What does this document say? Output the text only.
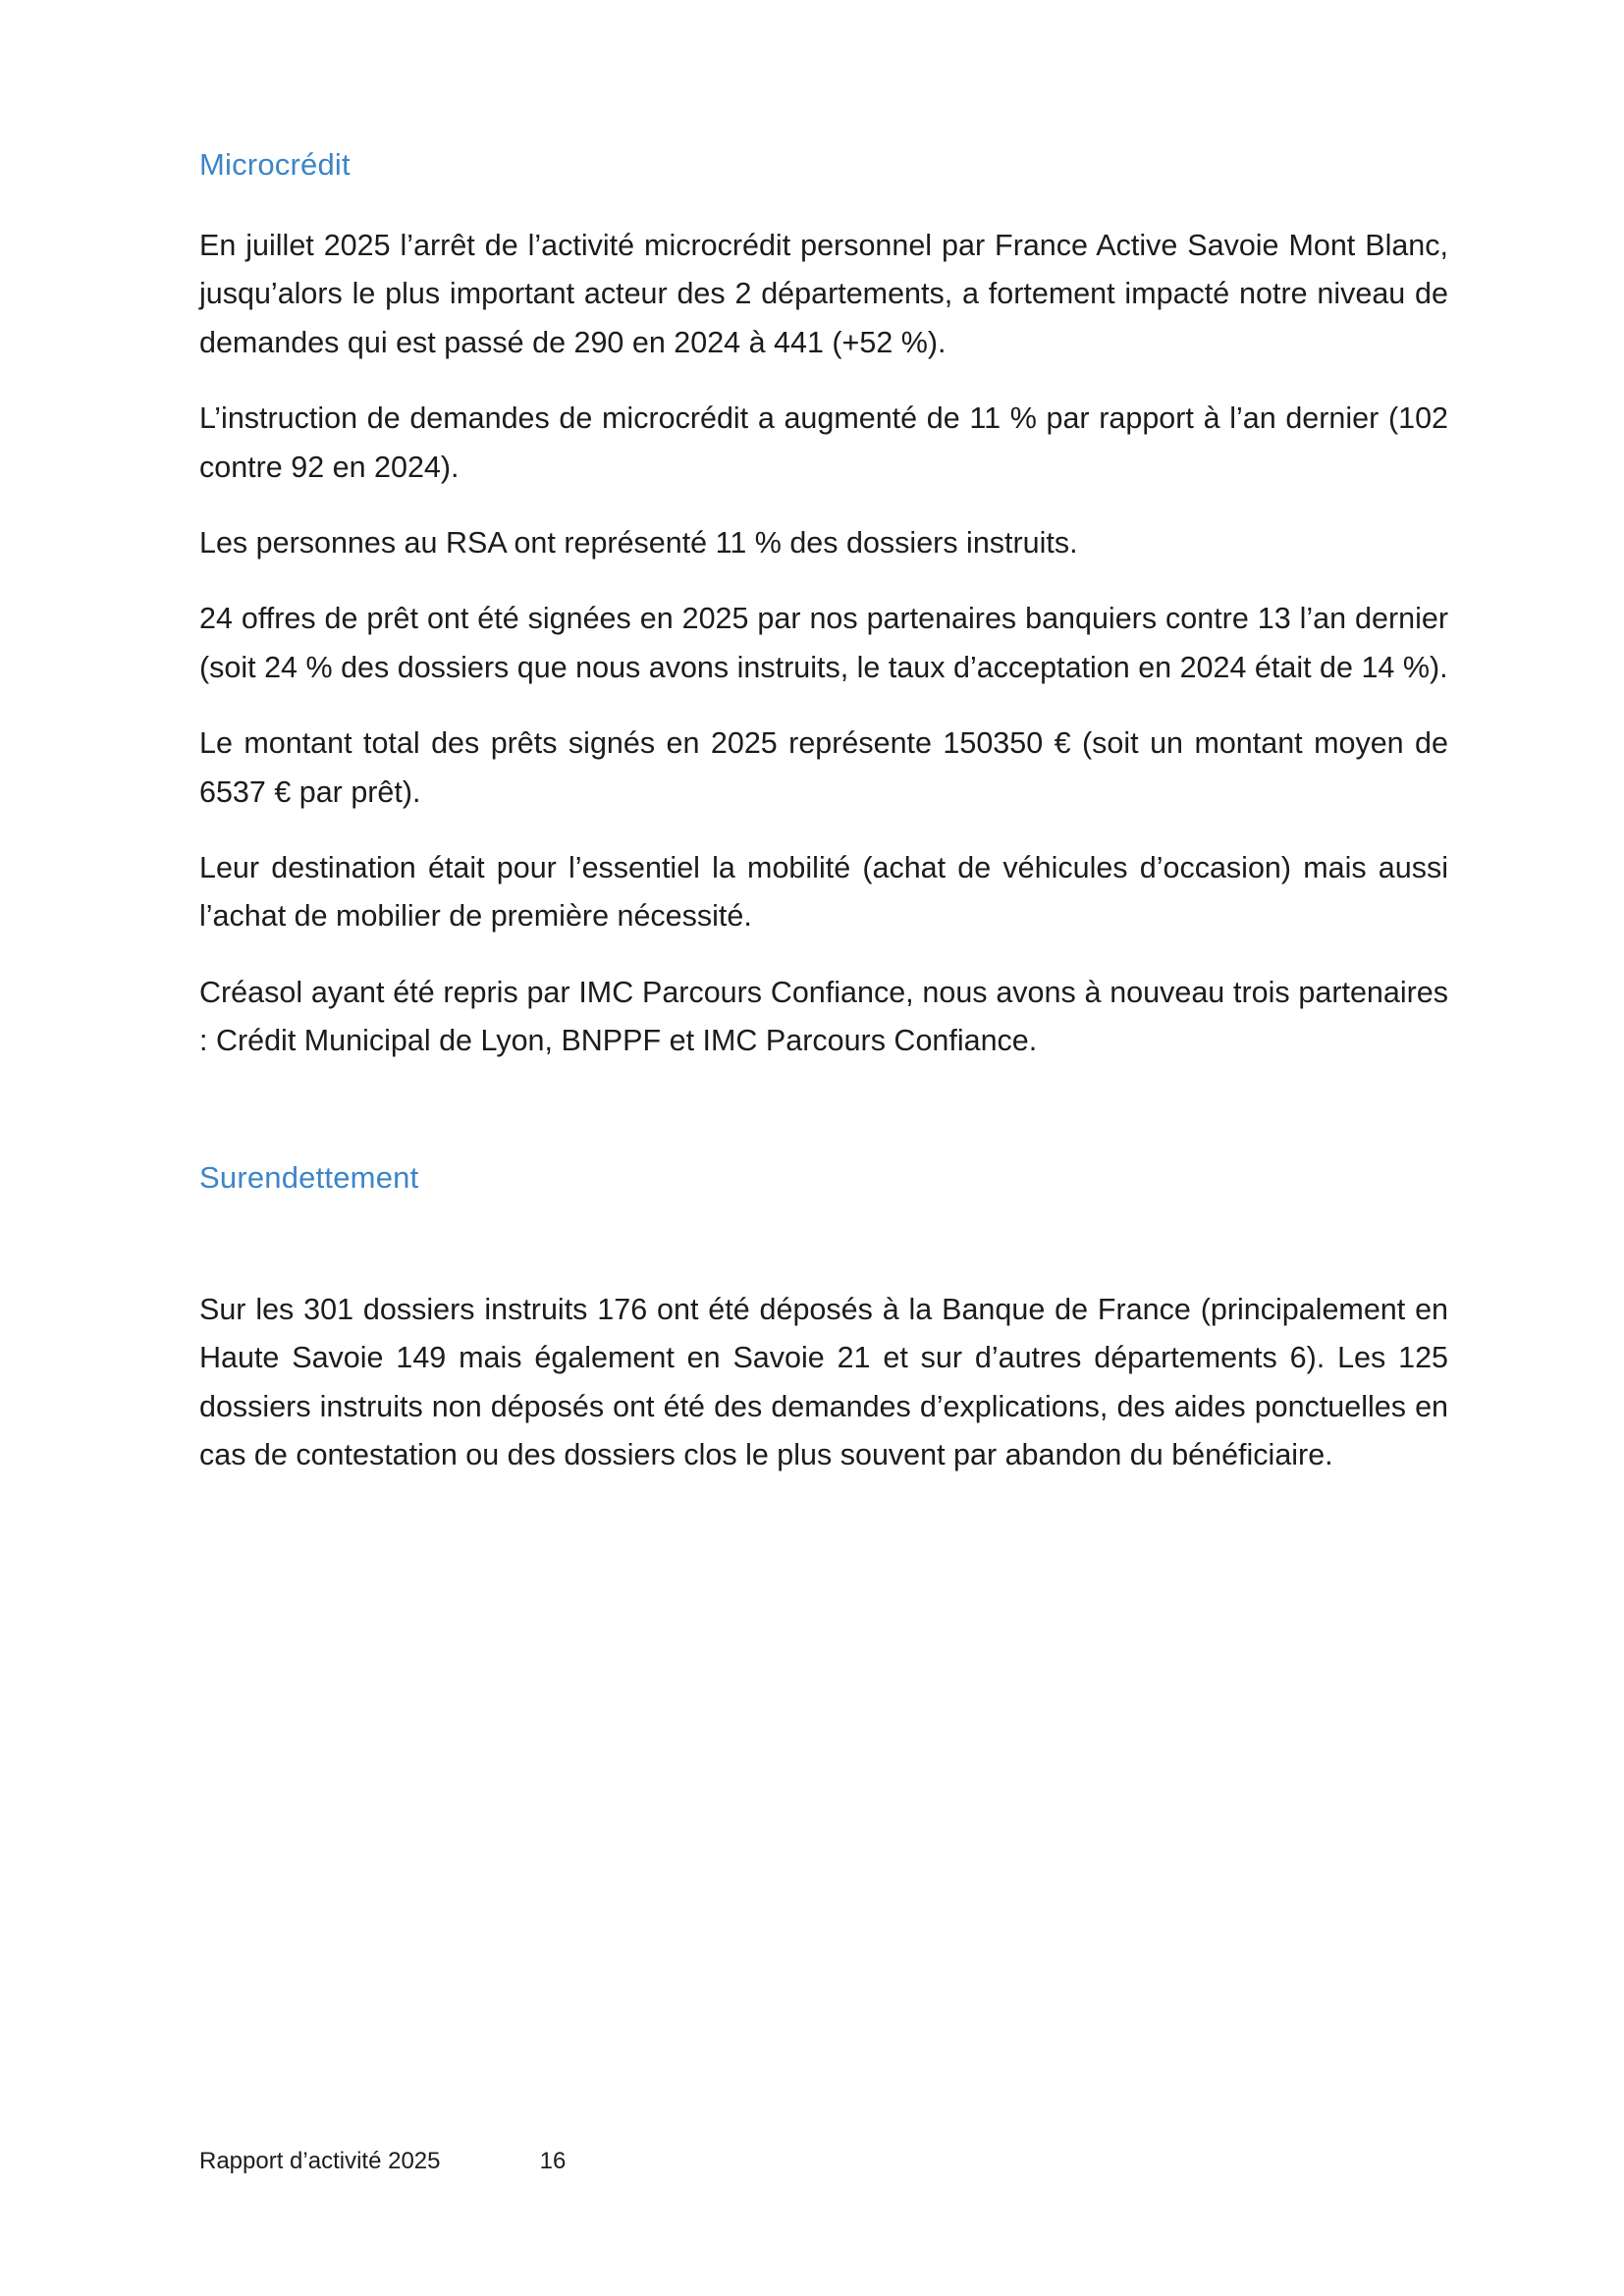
Microcrédit

En juillet 2025 l’arrêt de l’activité microcrédit personnel par France Active Savoie Mont Blanc, jusqu’alors le plus important acteur des 2 départements, a fortement impacté notre niveau de demandes qui est passé de 290 en 2024 à 441 (+52 %).

L’instruction de demandes de microcrédit a augmenté de 11 % par rapport à l’an dernier (102 contre 92 en 2024).

Les personnes au RSA ont représenté 11 % des dossiers instruits.

24 offres de prêt ont été signées en 2025 par nos partenaires banquiers contre 13 l’an dernier (soit 24 % des dossiers que nous avons instruits, le taux d’acceptation en 2024 était de 14 %).

Le montant total des prêts signés en 2025 représente 150350 € (soit un montant moyen de 6537 € par prêt).

Leur destination était pour l’essentiel la mobilité (achat de véhicules d’occasion) mais aussi l’achat de mobilier de première nécessité.

Créasol ayant été repris par IMC Parcours Confiance, nous avons à nouveau trois partenaires : Crédit Municipal de Lyon, BNPPF et IMC Parcours Confiance.

Surendettement

Sur les 301 dossiers instruits 176 ont été déposés à la Banque de France (principalement en Haute Savoie 149 mais également en Savoie 21 et sur d’autres départements 6). Les 125 dossiers instruits non déposés ont été des demandes d’explications, des aides ponctuelles en cas de contestation ou des dossiers clos le plus souvent par abandon du bénéficiaire.

Rapport d’activité 2025	16
